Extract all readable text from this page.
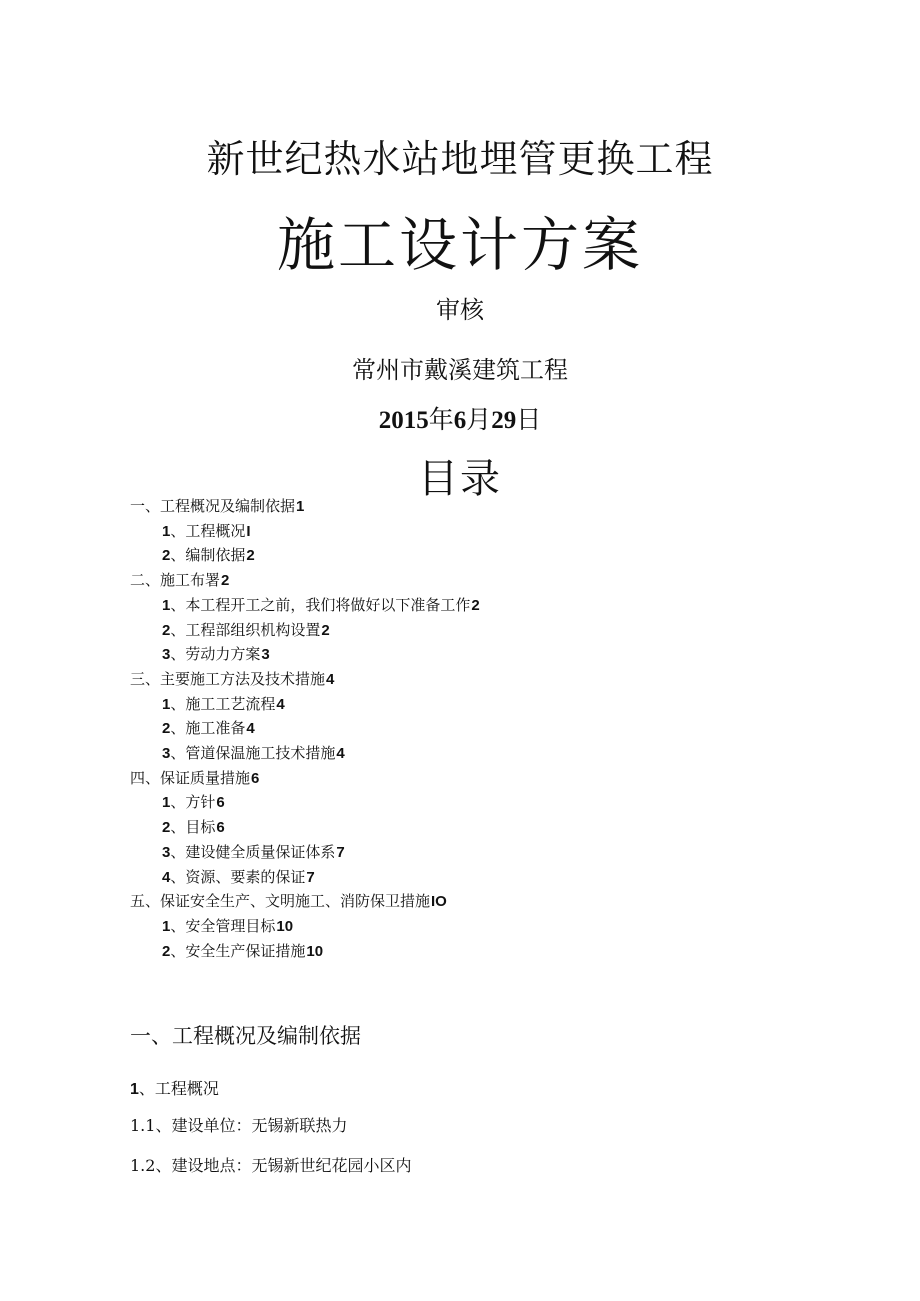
新世纪热水站地埋管更换工程
施工设计方案
审核
常州市戴溪建筑工程
2015年6月29日
目录
一、工程概况及编制依据1
1、工程概况I
2、编制依据2
二、施工布署2
1、本工程开工之前，我们将做好以下准备工作2
2、工程部组织机构设置2
3、劳动力方案3
三、主要施工方法及技术措施4
1、施工工艺流程4
2、施工准备4
3、管道保温施工技术措施4
四、保证质量措施6
1、方针6
2、目标6
3、建设健全质量保证体系7
4、资源、要素的保证7
五、保证安全生产、文明施工、消防保卫措施IO
1、安全管理目标10
2、安全生产保证措施10
一、工程概况及编制依据
1、工程概况
1.1、建设单位：无锡新联热力
1.2、建设地点：无锡新世纪花园小区内
